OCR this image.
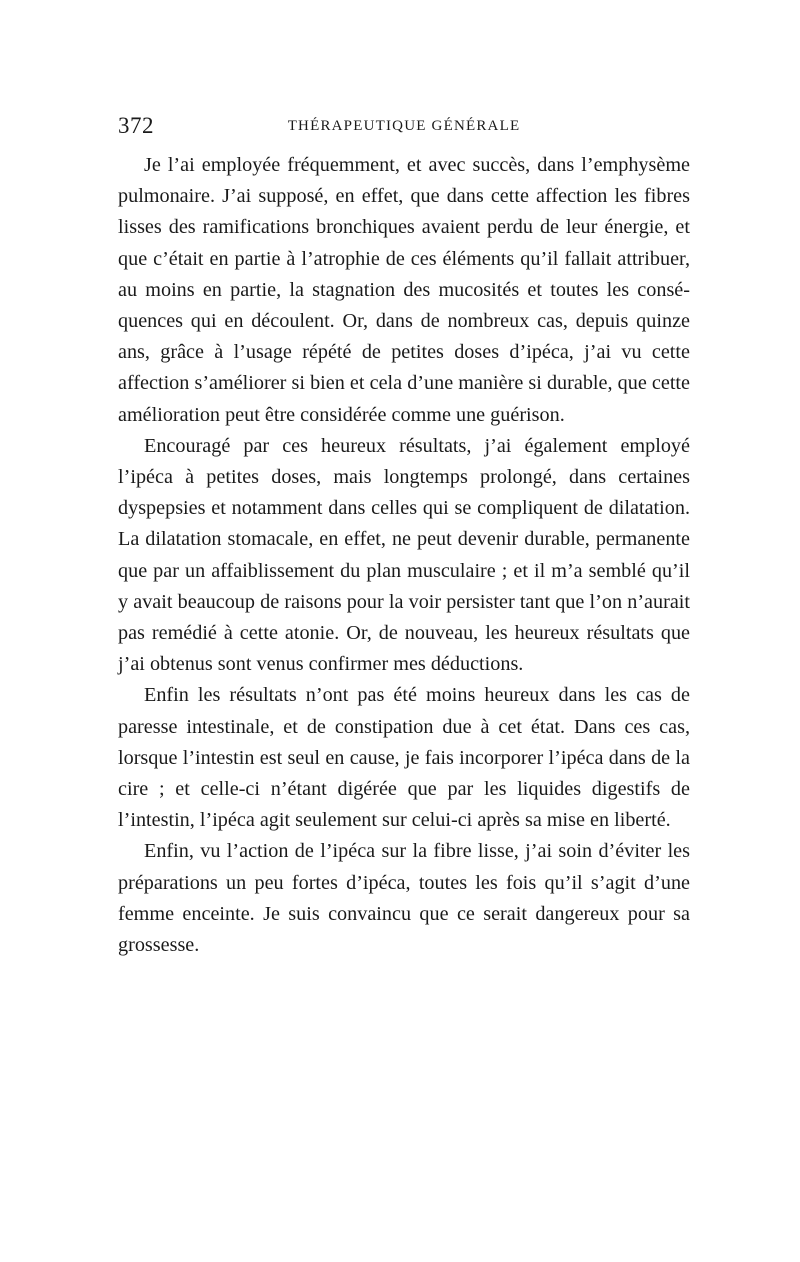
372	THÉRAPEUTIQUE GÉNÉRALE

Je l’ai employée fréquemment, et avec succès, dans l’emphysème pulmonaire. J’ai supposé, en effet, que dans cette affection les fibres lisses des ramifications bronchiques avaient perdu de leur énergie, et que c’était en partie à l’atrophie de ces éléments qu’il fallait attribuer, au moins en partie, la stagnation des mucosités et toutes les conséquences qui en découlent. Or, dans de nombreux cas, depuis quinze ans, grâce à l’usage répété de petites doses d’ipéca, j’ai vu cette affection s’améliorer si bien et cela d’une manière si durable, que cette amélioration peut être considérée comme une guérison.

Encouragé par ces heureux résultats, j’ai également employé l’ipéca à petites doses, mais longtemps prolongé, dans certaines dyspepsies et notamment dans celles qui se compliquent de dilatation. La dilatation stomacale, en effet, ne peut devenir durable, permanente que par un affaiblissement du plan musculaire ; et il m’a semblé qu’il y avait beaucoup de raisons pour la voir persister tant que l’on n’aurait pas remédié à cette atonie. Or, de nouveau, les heureux résultats que j’ai obtenus sont venus confirmer mes déductions.

Enfin les résultats n’ont pas été moins heureux dans les cas de paresse intestinale, et de constipation due à cet état. Dans ces cas, lorsque l’intestin est seul en cause, je fais incorporer l’ipéca dans de la cire ; et celle-ci n’étant digérée que par les liquides digestifs de l’intestin, l’ipéca agit seulement sur celui-ci après sa mise en liberté.

Enfin, vu l’action de l’ipéca sur la fibre lisse, j’ai soin d’éviter les préparations un peu fortes d’ipéca, toutes les fois qu’il s’agit d’une femme enceinte. Je suis convaincu que ce serait dangereux pour sa grossesse.
